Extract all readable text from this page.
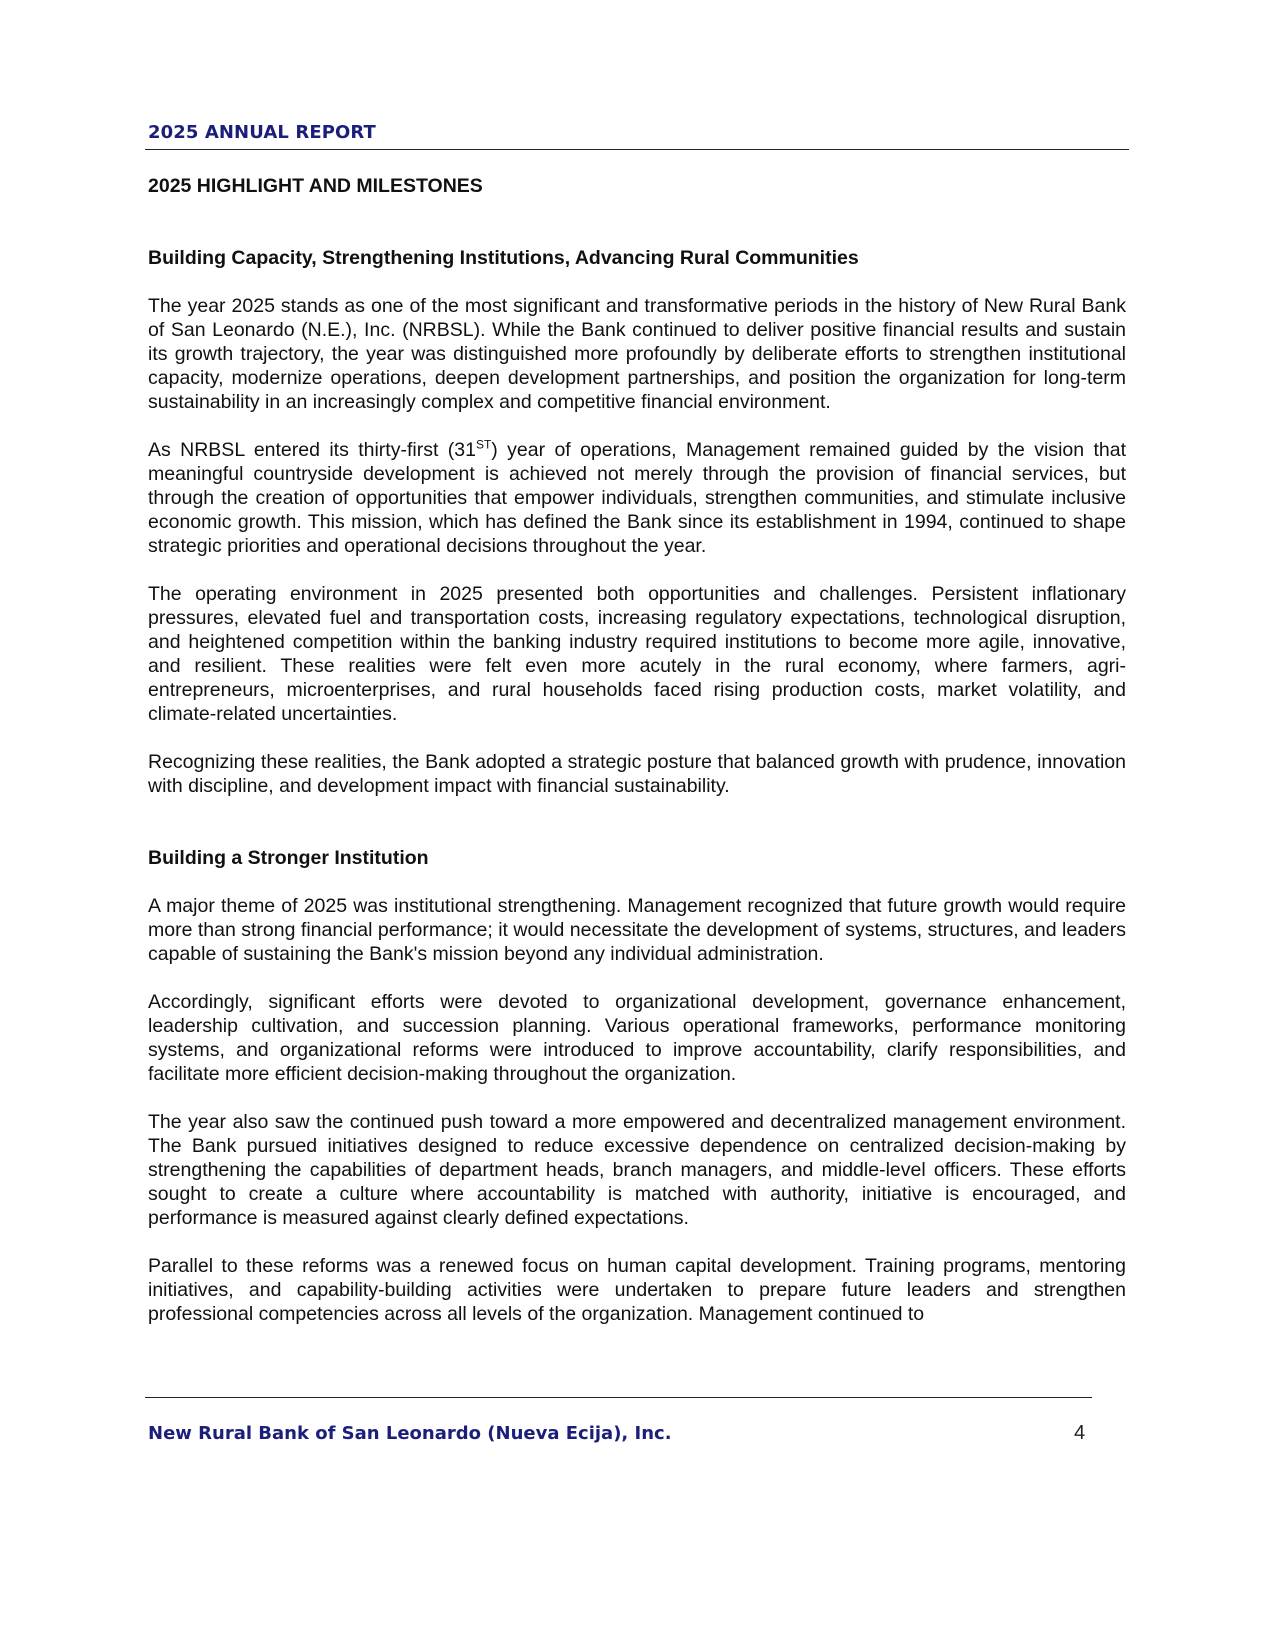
2025 ANNUAL REPORT
2025 HIGHLIGHT AND MILESTONES
Building Capacity, Strengthening Institutions, Advancing Rural Communities

The year 2025 stands as one of the most significant and transformative periods in the history of New Rural Bank of San Leonardo (N.E.), Inc. (NRBSL). While the Bank continued to deliver positive financial results and sustain its growth trajectory, the year was distinguished more profoundly by deliberate efforts to strengthen institutional capacity, modernize operations, deepen development partnerships, and position the organization for long-term sustainability in an increasingly complex and competitive financial environment.

As NRBSL entered its thirty-first (31ST) year of operations, Management remained guided by the vision that meaningful countryside development is achieved not merely through the provision of financial services, but through the creation of opportunities that empower individuals, strengthen communities, and stimulate inclusive economic growth. This mission, which has defined the Bank since its establishment in 1994, continued to shape strategic priorities and operational decisions throughout the year.

The operating environment in 2025 presented both opportunities and challenges. Persistent inflationary pressures, elevated fuel and transportation costs, increasing regulatory expectations, technological disruption, and heightened competition within the banking industry required institutions to become more agile, innovative, and resilient. These realities were felt even more acutely in the rural economy, where farmers, agri-entrepreneurs, microenterprises, and rural households faced rising production costs, market volatility, and climate-related uncertainties.

Recognizing these realities, the Bank adopted a strategic posture that balanced growth with prudence, innovation with discipline, and development impact with financial sustainability.

Building a Stronger Institution

A major theme of 2025 was institutional strengthening. Management recognized that future growth would require more than strong financial performance; it would necessitate the development of systems, structures, and leaders capable of sustaining the Bank's mission beyond any individual administration.

Accordingly, significant efforts were devoted to organizational development, governance enhancement, leadership cultivation, and succession planning. Various operational frameworks, performance monitoring systems, and organizational reforms were introduced to improve accountability, clarify responsibilities, and facilitate more efficient decision-making throughout the organization.

The year also saw the continued push toward a more empowered and decentralized management environment. The Bank pursued initiatives designed to reduce excessive dependence on centralized decision-making by strengthening the capabilities of department heads, branch managers, and middle-level officers. These efforts sought to create a culture where accountability is matched with authority, initiative is encouraged, and performance is measured against clearly defined expectations.

Parallel to these reforms was a renewed focus on human capital development. Training programs, mentoring initiatives, and capability-building activities were undertaken to prepare future leaders and strengthen professional competencies across all levels of the organization. Management continued to

New Rural Bank of San Leonardo (Nueva Ecija), Inc.	4
